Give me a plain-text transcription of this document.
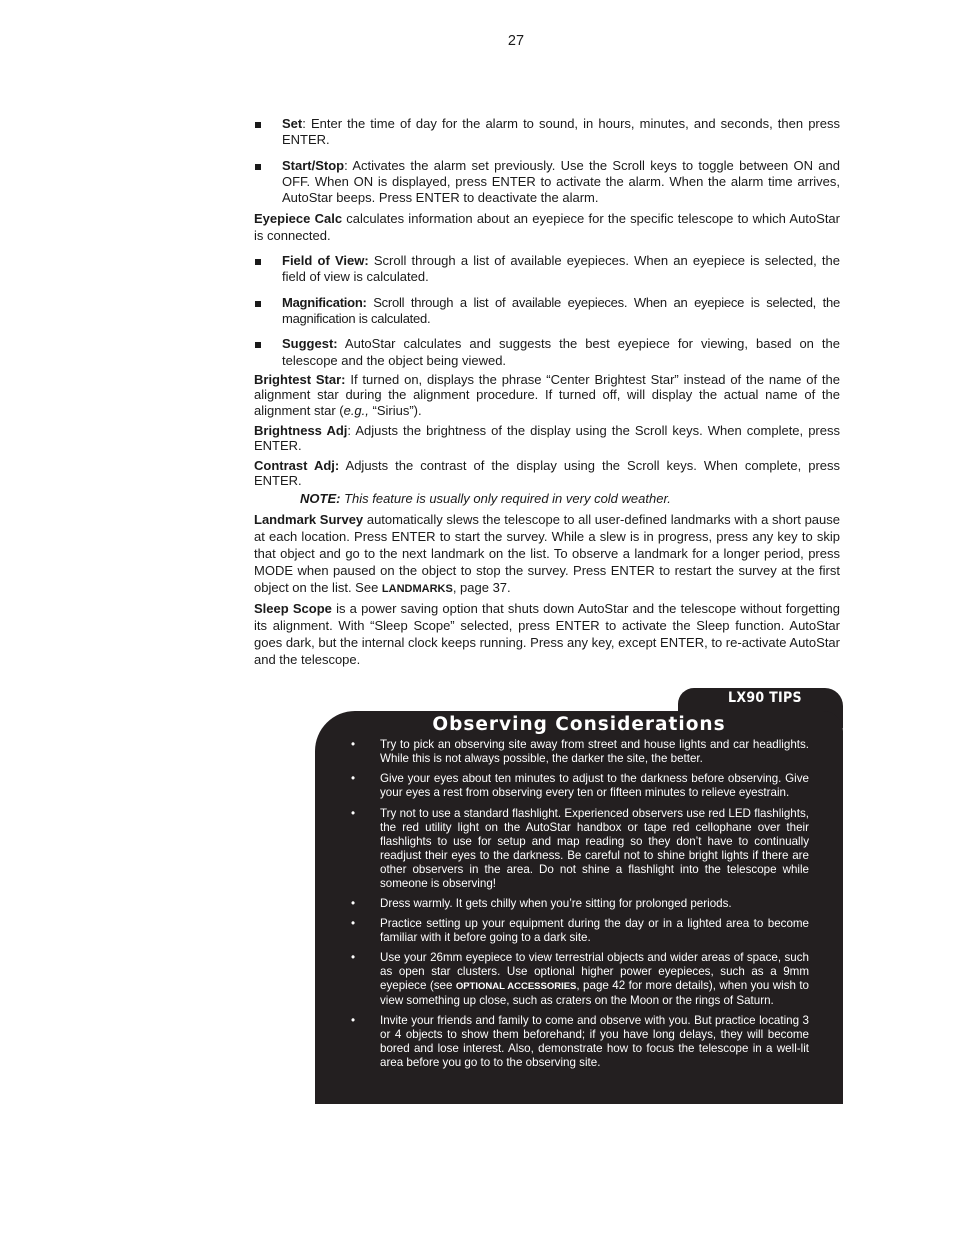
27

Set: Enter the time of day for the alarm to sound, in hours, minutes, and seconds, then press ENTER.

Start/Stop: Activates the alarm set previously. Use the Scroll keys to toggle between ON and OFF. When ON is displayed, press ENTER to activate the alarm. When the alarm time arrives, AutoStar beeps. Press ENTER to deactivate the alarm.

Eyepiece Calc calculates information about an eyepiece for the specific telescope to which AutoStar is connected.

Field of View: Scroll through a list of available eyepieces. When an eyepiece is selected, the field of view is calculated.

Magnification: Scroll through a list of available eyepieces. When an eyepiece is selected, the magnification is calculated.

Suggest: AutoStar calculates and suggests the best eyepiece for viewing, based on the telescope and the object being viewed.

Brightest Star: If turned on, displays the phrase “Center Brightest Star” instead of the name of the alignment star during the alignment procedure. If turned off, will display the actual name of the alignment star (e.g., “Sirius”).

Brightness Adj: Adjusts the brightness of the display using the Scroll keys. When complete, press ENTER.

Contrast Adj: Adjusts the contrast of the display using the Scroll keys. When complete, press ENTER.

NOTE: This feature is usually only required in very cold weather.

Landmark Survey automatically slews the telescope to all user-defined landmarks with a short pause at each location. Press ENTER to start the survey. While a slew is in progress, press any key to skip that object and go to the next landmark on the list. To observe a landmark for a longer period, press MODE when paused on the object to stop the survey. Press ENTER to restart the survey at the first object on the list. See LANDMARKS, page 37.

Sleep Scope is a power saving option that shuts down AutoStar and the telescope without forgetting its alignment. With “Sleep Scope” selected, press ENTER to activate the Sleep function. AutoStar goes dark, but the internal clock keeps running. Press any key, except ENTER, to re-activate AutoStar and the telescope.

LX90 TIPS
Observing Considerations
• Try to pick an observing site away from street and house lights and car headlights. While this is not always possible, the darker the site, the better.
• Give your eyes about ten minutes to adjust to the darkness before observing. Give your eyes a rest from observing every ten or fifteen minutes to relieve eyestrain.
• Try not to use a standard flashlight. Experienced observers use red LED flashlights, the red utility light on the AutoStar handbox or tape red cellophane over their flashlights to use for setup and map reading so they don’t have to continually readjust their eyes to the darkness. Be careful not to shine bright lights if there are other observers in the area. Do not shine a flashlight into the telescope while someone is observing!
• Dress warmly. It gets chilly when you’re sitting for prolonged periods.
• Practice setting up your equipment during the day or in a lighted area to become familiar with it before going to a dark site.
• Use your 26mm eyepiece to view terrestrial objects and wider areas of space, such as open star clusters. Use optional higher power eyepieces, such as a 9mm eyepiece (see OPTIONAL ACCESSORIES, page 42 for more details), when you wish to view something up close, such as craters on the Moon or the rings of Saturn.
• Invite your friends and family to come and observe with you. But practice locating 3 or 4 objects to show them beforehand; if you have long delays, they will become bored and lose interest. Also, demonstrate how to focus the telescope in a well-lit area before you go to to the observing site.
